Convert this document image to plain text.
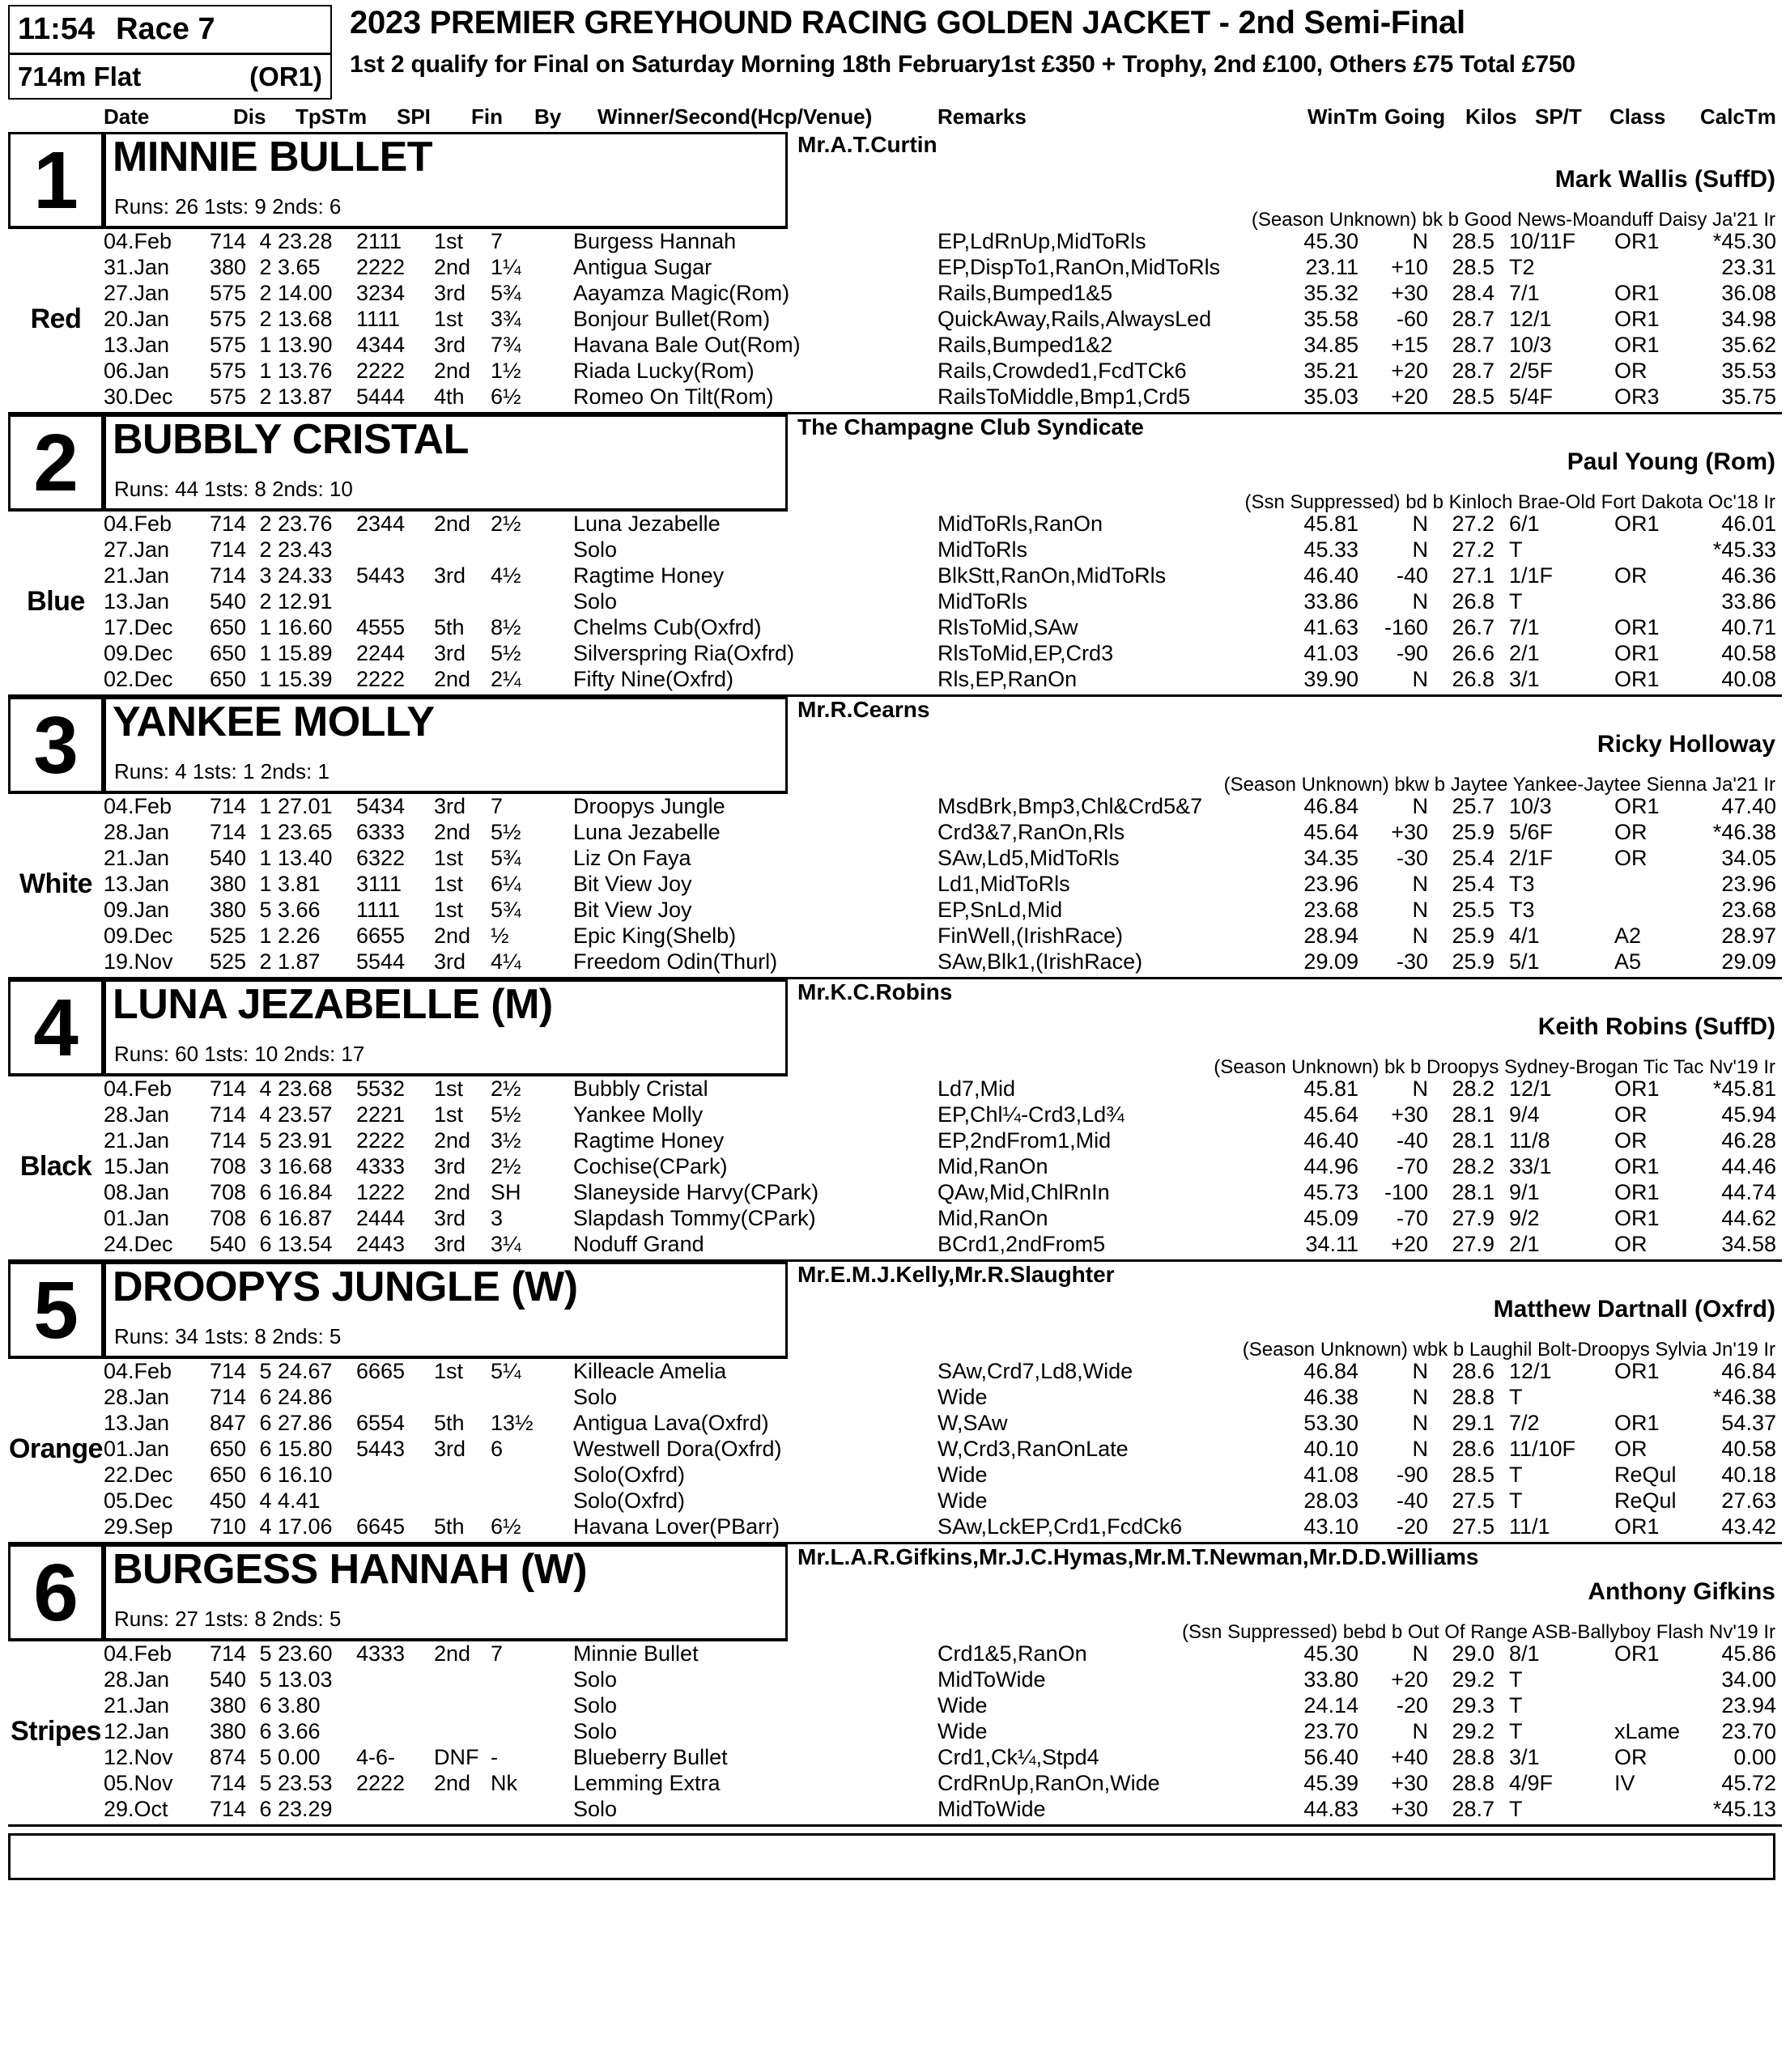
11:54 Race 7
714m Flat	(OR1)
2023 PREMIER GREYHOUND RACING GOLDEN JACKET - 2nd Semi-Final
1st 2 qualify for Final on Saturday Morning 18th February1st £350 + Trophy, 2nd £100, Others £75 Total £750
Date	Dis TpSTm SPI Fin By Winner/Second(Hcp/Venue)	Remarks	WinTm Going Kilos SP/T Class CalcTm
1 MINNIE BULLET
Runs: 26 1sts: 9 2nds: 6
Mr.A.T.Curtin
Mark Wallis (SuffD)
(Season Unknown) bk b Good News-Moanduff Daisy Ja'21 Ir
Red
04.Feb	714 4 23.28	2111	1st	7	Burgess Hannah	EP,LdRnUp,MidToRls	45.30	N	28.5 10/11F	OR1	*45.30
31.Jan	380 2 3.65	2222	2nd 1¼	Antigua Sugar	EP,DispTo1,RanOn,MidToRls	23.11	+10	28.5 T2	23.31
27.Jan	575 2 14.00	3234	3rd	5¾	Aayamza Magic(Rom)	Rails,Bumped1&5	35.32	+30	28.4 7/1	OR1	36.08
20.Jan	575 2 13.68	1111	1st	3¾	Bonjour Bullet(Rom)	QuickAway,Rails,AlwaysLed	35.58	-60	28.7 12/1	OR1	34.98
13.Jan	575 1 13.90	4344	3rd	7¾	Havana Bale Out(Rom)	Rails,Bumped1&2	34.85	+15	28.7 10/3	OR1	35.62
06.Jan	575 1 13.76	2222	2nd 1½	Riada Lucky(Rom)	Rails,Crowded1,FcdTCk6	35.21	+20	28.7 2/5F	OR	35.53
30.Dec	575 2 13.87	5444	4th	6½	Romeo On Tilt(Rom)	RailsToMiddle,Bmp1,Crd5	35.03	+20	28.5 5/4F	OR3	35.75
2 BUBBLY CRISTAL
Runs: 44 1sts: 8 2nds: 10
The Champagne Club Syndicate
Paul Young (Rom)
(Ssn Suppressed) bd b Kinloch Brae-Old Fort Dakota Oc'18 Ir
Blue
04.Feb	714 2 23.76	2344	2nd 2½	Luna Jezabelle	MidToRls,RanOn	45.81	N	27.2 6/1	OR1	46.01
27.Jan	714 2 23.43	Solo	MidToRls	45.33	N	27.2 T	*45.33
21.Jan	714 3 24.33	5443	3rd	4½	Ragtime Honey	BlkStt,RanOn,MidToRls	46.40	-40	27.1 1/1F	OR	46.36
13.Jan	540 2 12.91	Solo	MidToRls	33.86	N	26.8 T	33.86
17.Dec	650 1 16.60	4555	5th	8½	Chelms Cub(Oxfrd)	RlsToMid,SAw	41.63	-160	26.7 7/1	OR1	40.71
09.Dec	650 1 15.89	2244	3rd	5½	Silverspring Ria(Oxfrd)	RlsToMid,EP,Crd3	41.03	-90	26.6 2/1	OR1	40.58
02.Dec	650 1 15.39	2222	2nd 2¼	Fifty Nine(Oxfrd)	Rls,EP,RanOn	39.90	N	26.8 3/1	OR1	40.08
3 YANKEE MOLLY
Runs: 4 1sts: 1 2nds: 1
Mr.R.Cearns
Ricky Holloway
(Season Unknown) bkw b Jaytee Yankee-Jaytee Sienna Ja'21 Ir
White
04.Feb	714 1 27.01	5434	3rd	7	Droopys Jungle	MsdBrk,Bmp3,Chl&Crd5&7	46.84	N	25.7 10/3	OR1	47.40
28.Jan	714 1 23.65	6333	2nd 5½	Luna Jezabelle	Crd3&7,RanOn,Rls	45.64	+30	25.9 5/6F	OR	*46.38
21.Jan	540 1 13.40	6322	1st	5¾	Liz On Faya	SAw,Ld5,MidToRls	34.35	-30	25.4 2/1F	OR	34.05
13.Jan	380 1 3.81	3111	1st	6¼	Bit View Joy	Ld1,MidToRls	23.96	N	25.4 T3	23.96
09.Jan	380 5 3.66	1111	1st	5¾	Bit View Joy	EP,SnLd,Mid	23.68	N	25.5 T3	23.68
09.Dec	525 1 2.26	6655	2nd ½	Epic King(Shelb)	FinWell,(IrishRace)	28.94	N	25.9 4/1	A2	28.97
19.Nov	525 2 1.87	5544	3rd	4¼	Freedom Odin(Thurl)	SAw,Blk1,(IrishRace)	29.09	-30	25.9 5/1	A5	29.09
4 LUNA JEZABELLE (M)
Runs: 60 1sts: 10 2nds: 17
Mr.K.C.Robins
Keith Robins (SuffD)
(Season Unknown) bk b Droopys Sydney-Brogan Tic Tac Nv'19 Ir
Black
04.Feb	714 4 23.68	5532	1st	2½	Bubbly Cristal	Ld7,Mid	45.81	N	28.2 12/1	OR1	*45.81
28.Jan	714 4 23.57	2221	1st	5½	Yankee Molly	EP,Chl¼-Crd3,Ld¾	45.64	+30	28.1 9/4	OR	45.94
21.Jan	714 5 23.91	2222	2nd 3½	Ragtime Honey	EP,2ndFrom1,Mid	46.40	-40	28.1 11/8	OR	46.28
15.Jan	708 3 16.68	4333	3rd	2½	Cochise(CPark)	Mid,RanOn	44.96	-70	28.2 33/1	OR1	44.46
08.Jan	708 6 16.84	1222	2nd SH	Slaneyside Harvy(CPark)	QAw,Mid,ChlRnIn	45.73	-100	28.1 9/1	OR1	44.74
01.Jan	708 6 16.87	2444	3rd	3	Slapdash Tommy(CPark)	Mid,RanOn	45.09	-70	27.9 9/2	OR1	44.62
24.Dec	540 6 13.54	2443	3rd	3¼	Noduff Grand	BCrd1,2ndFrom5	34.11	+20	27.9 2/1	OR	34.58
5 DROOPYS JUNGLE (W)
Runs: 34 1sts: 8 2nds: 5
Mr.E.M.J.Kelly,Mr.R.Slaughter
Matthew Dartnall (Oxfrd)
(Season Unknown) wbk b Laughil Bolt-Droopys Sylvia Jn'19 Ir
Orange
04.Feb	714 5 24.67	6665	1st	5¼	Killeacle Amelia	SAw,Crd7,Ld8,Wide	46.84	N	28.6 12/1	OR1	46.84
28.Jan	714 6 24.86	Solo	Wide	46.38	N	28.8 T	*46.38
13.Jan	847 6 27.86	6554	5th	13½ Antigua Lava(Oxfrd)	W,SAw	53.30	N	29.1 7/2	OR1	54.37
01.Jan	650 6 15.80	5443	3rd	6	Westwell Dora(Oxfrd)	W,Crd3,RanOnLate	40.10	N	28.6 11/10F	OR	40.58
22.Dec	650 6 16.10	Solo(Oxfrd)	Wide	41.08	-90	28.5 T	ReQul	40.18
05.Dec	450 4 4.41	Solo(Oxfrd)	Wide	28.03	-40	27.5 T	ReQul	27.63
29.Sep	710 4 17.06	6645	5th	6½	Havana Lover(PBarr)	SAw,LckEP,Crd1,FcdCk6	43.10	-20	27.5 11/1	OR1	43.42
6 BURGESS HANNAH (W)
Runs: 27 1sts: 8 2nds: 5
Mr.L.A.R.Gifkins,Mr.J.C.Hymas,Mr.M.T.Newman,Mr.D.D.Williams
Anthony Gifkins
(Ssn Suppressed) bebd b Out Of Range ASB-Ballyboy Flash Nv'19 Ir
Stripes
04.Feb	714 5 23.60	4333	2nd 7	Minnie Bullet	Crd1&5,RanOn	45.30	N	29.0 8/1	OR1	45.86
28.Jan	540 5 13.03	Solo	MidToWide	33.80	+20	29.2 T	34.00
21.Jan	380 6 3.80	Solo	Wide	24.14	-20	29.3 T	23.94
12.Jan	380 6 3.66	Solo	Wide	23.70	N	29.2 T	xLame	23.70
12.Nov	874 5 0.00	4-6-	DNF -	Blueberry Bullet	Crd1,Ck¼,Stpd4	56.40	+40	28.8 3/1	OR	0.00
05.Nov	714 5 23.53	2222	2nd Nk	Lemming Extra	CrdRnUp,RanOn,Wide	45.39	+30	28.8 4/9F	IV	45.72
29.Oct	714 6 23.29	Solo	MidToWide	44.83	+30	28.7 T	*45.13
